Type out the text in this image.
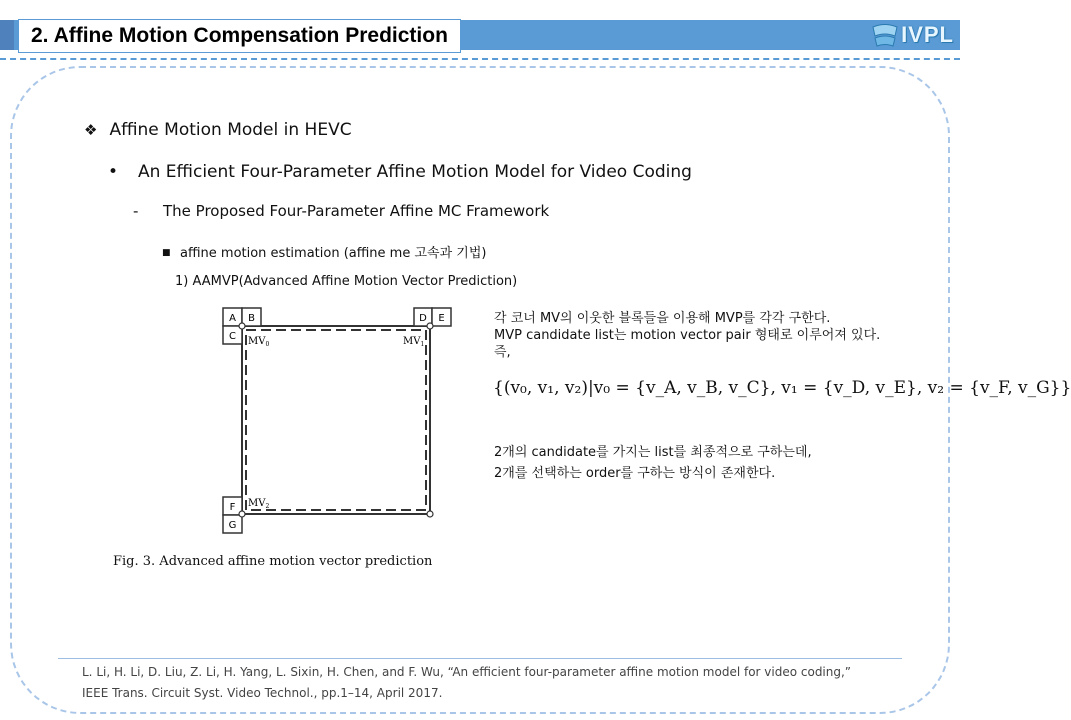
2. Affine Motion Compensation Prediction	IVPL
❖ Affine Motion Model in HEVC
• An Efficient Four-Parameter Affine Motion Model for Video Coding
- The Proposed Four-Parameter Affine MC Framework
■ affine motion estimation (affine me 고속과 기법)
1) AAMVP(Advanced Affine Motion Vector Prediction)
A B
C
D E
F
G
$MV_0$	$MV_1$
$MV_2$
Fig. 3. Advanced affine motion vector prediction
각 코너 MV의 이웃한 블록들을 이용해 MVP를 각각 구한다.
MVP candidate list는 motion vector pair 형태로 이루어져 있다.
즉,
{(v₀, v₁, v₂)|v₀ = {v_A, v_B, v_C}, v₁ = {v_D, v_E}, v₂ = {v_F, v_G}}
2개의 candidate를 가지는 list를 최종적으로 구하는데,
2개를 선택하는 order를 구하는 방식이 존재한다.
L. Li, H. Li, D. Liu, Z. Li, H. Yang, L. Sixin, H. Chen, and F. Wu, “An efficient four-parameter affine motion model for video coding,”
IEEE Trans. Circuit Syst. Video Technol., pp.1–14, April 2017.
